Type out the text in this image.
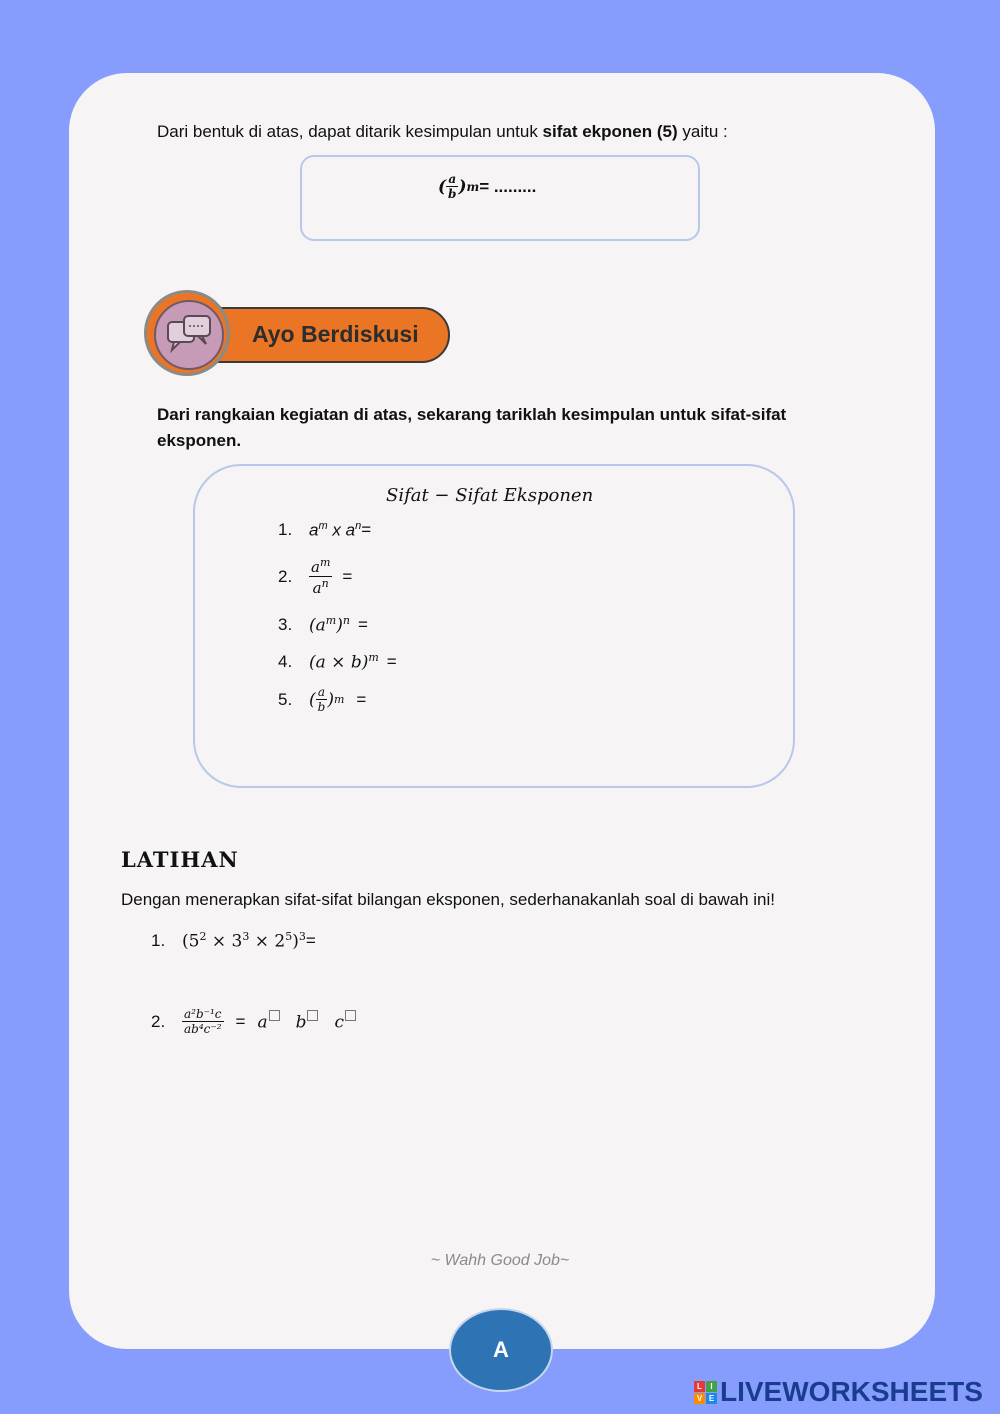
Dari bentuk di atas, dapat ditarik kesimpulan untuk sifat ekponen (5) yaitu :
( $\frac{a}{b}$ ) m = .........
Ayo Berdiskusi
Dari rangkaian kegiatan di atas, sekarang tariklah kesimpulan untuk sifat-sifat eksponen.
Sifat − Sifat Eksponen
1. $a^m$ x $a^n$ =
2.	$\frac{a^m}{a^n}$ =
3. $(a^m)^n$ =
4. $(a \times b)^m$ =
5. ( $\frac{a}{b}$ ) m =
LATIHAN
Dengan menerapkan sifat-sifat bilangan eksponen, sederhanakanlah soal di bawah ini!
1. $(5^2 \times 3^3 \times 2^5)^3$ =
2.	$\frac{\text{a²b⁻¹c}}{\text{ab⁴c⁻²}} = a$	b	c
~ Wahh Good Job~
A
L	I
V E LIVEWORKSHEETS
